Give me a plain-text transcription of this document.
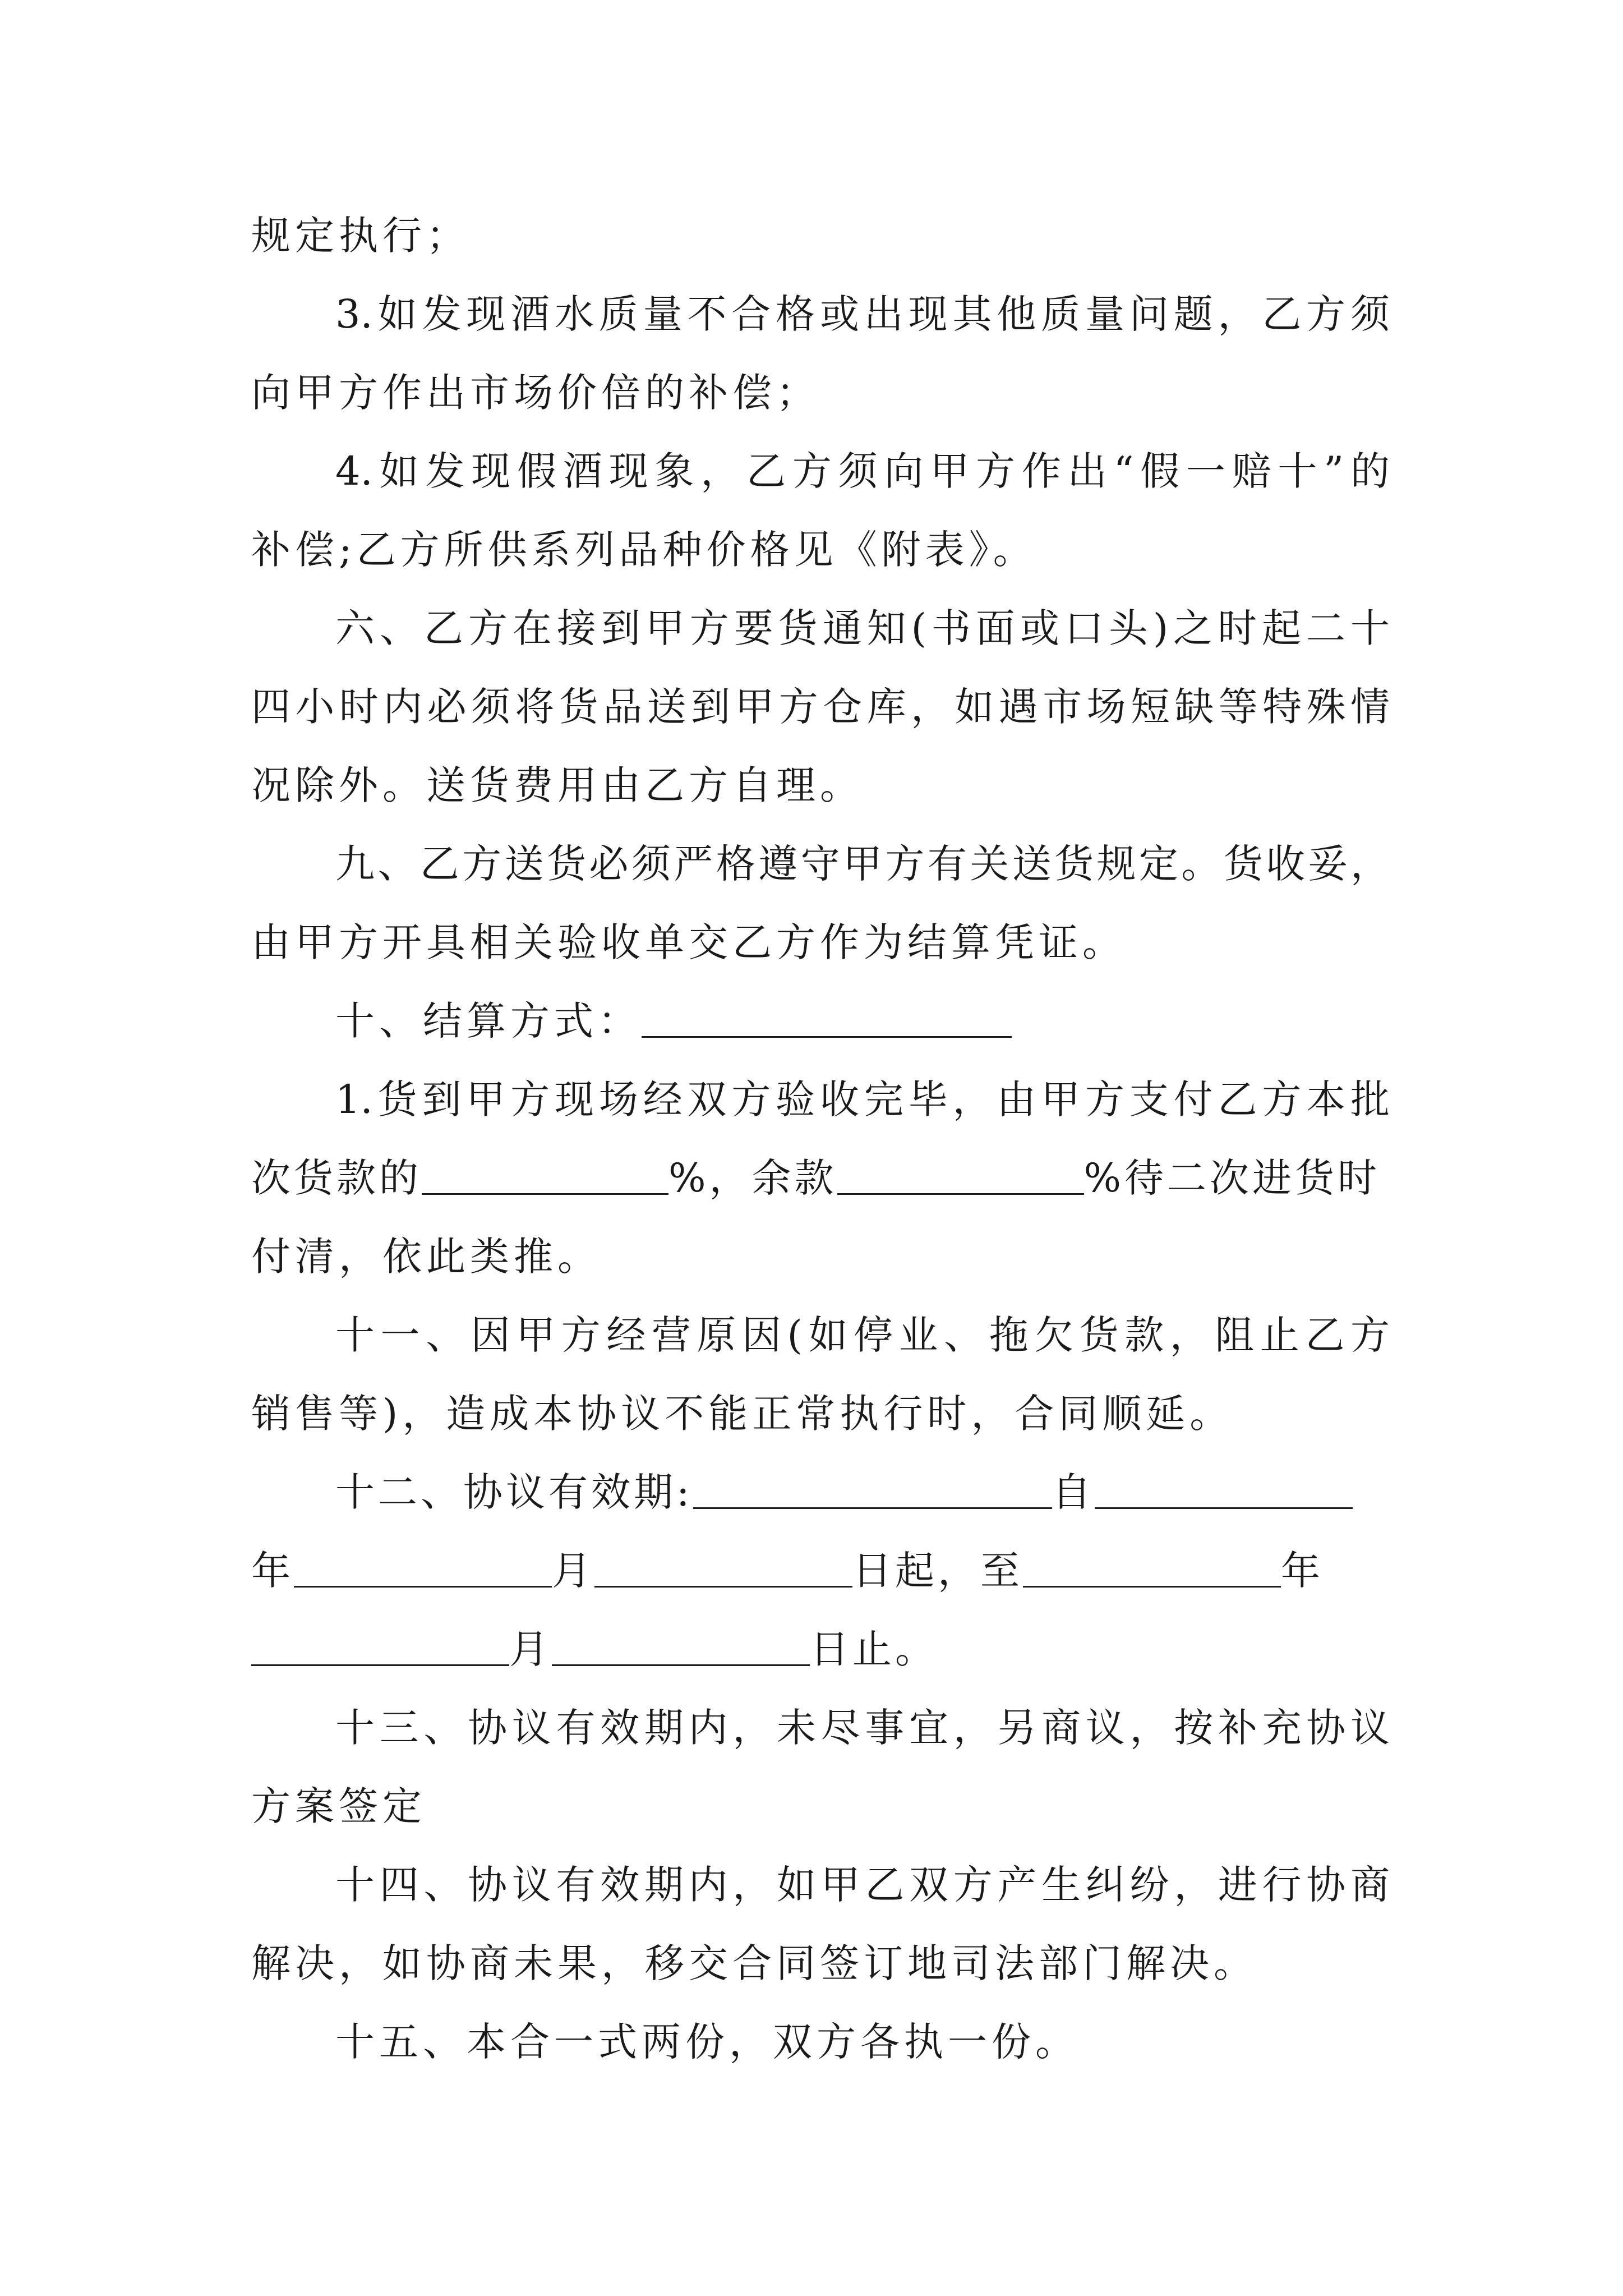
规定执行；
3.如发现酒水质量不合格或出现其他质量问题，乙方须
向甲方作出市场价倍的补偿；
4.如发现假酒现象，乙方须向甲方作出“假一赔十”的
补偿;乙方所供系列品种价格见《附表》。
六、乙方在接到甲方要货通知(书面或口头)之时起二十
四小时内必须将货品送到甲方仓库，如遇市场短缺等特殊情
况除外。送货费用由乙方自理。
九、乙方送货必须严格遵守甲方有关送货规定。货收妥，
由甲方开具相关验收单交乙方作为结算凭证。
十、结算方式：
1.货到甲方现场经双方验收完毕，由甲方支付乙方本批
次货款的	%，余款	%待二次进货时
付清，依此类推。
十一、因甲方经营原因(如停业、拖欠货款，阻止乙方
销售等)，造成本协议不能正常执行时，合同顺延。
十二、协议有效期:	自
年	月	日起，至	年
月	日止。
十三、协议有效期内，未尽事宜，另商议，按补充协议
方案签定
十四、协议有效期内，如甲乙双方产生纠纷，进行协商
解决，如协商未果，移交合同签订地司法部门解决。
十五、本合一式两份，双方各执一份。
